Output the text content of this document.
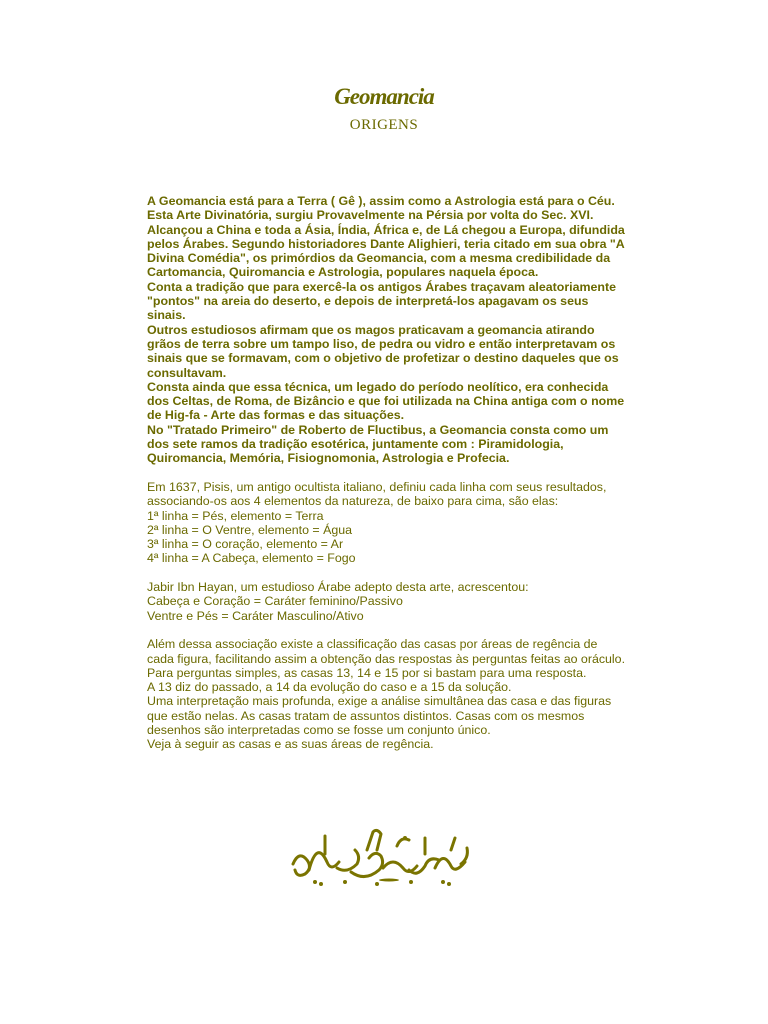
Geomancia
ORIGENS

A Geomancia está para a Terra ( Gê ), assim como a Astrologia está para o Céu. Esta Arte Divinatória, surgiu Provavelmente na Pérsia por volta do Sec. XVI. Alcançou a China e toda a Ásia, Índia, África e, de Lá chegou a Europa, difundida pelos Árabes. Segundo historiadores Dante Alighieri, teria citado em sua obra "A Divina Comédia", os primórdios da Geomancia, com a mesma credibilidade da Cartomancia, Quiromancia e Astrologia, populares naquela época.

Conta a tradição que para exercê-la os antigos Árabes traçavam aleatoriamente "pontos" na areia do deserto, e depois de interpretá-los apagavam os seus sinais.

Outros estudiosos afirmam que os magos praticavam a geomancia atirando grãos de terra sobre um tampo liso, de pedra ou vidro e então interpretavam os sinais que se formavam, com o objetivo de profetizar o destino daqueles que os consultavam.

Consta ainda que essa técnica, um legado do período neolítico, era conhecida dos Celtas, de Roma, de Bizâncio e que foi utilizada na China antiga com o nome de Hig-fa - Arte das formas e das situações.

No "Tratado Primeiro" de Roberto de Fluctibus, a Geomancia consta como um dos sete ramos da tradição esotérica, juntamente com : Piramidologia, Quiromancia, Memória, Fisiognomonia, Astrologia e Profecia.

Em 1637, Pisis, um antigo ocultista italiano, definiu cada linha com seus resultados, associando-os aos 4 elementos da natureza, de baixo para cima, são elas:

1ª linha = Pés, elemento = Terra

2ª linha = O Ventre, elemento = Água

3ª linha = O coração, elemento = Ar

4ª linha = A Cabeça, elemento = Fogo

Jabir Ibn Hayan, um estudioso Árabe adepto desta arte, acrescentou:

Cabeça e Coração = Caráter feminino/Passivo

Ventre e Pés = Caráter Masculino/Ativo

Além dessa associação existe a classificação das casas por áreas de regência de cada figura, facilitando assim a obtenção das respostas às perguntas feitas ao oráculo.

Para perguntas simples, as casas 13, 14 e 15 por si bastam para uma resposta.

A 13 diz do passado, a 14 da evolução do caso e a 15 da solução.

Uma interpretação mais profunda, exige a análise simultânea das casa e das figuras que estão nelas. As casas tratam de assuntos distintos. Casas com os mesmos desenhos são interpretadas como se fosse um conjunto único.

Veja à seguir as casas e as suas áreas de regência.
